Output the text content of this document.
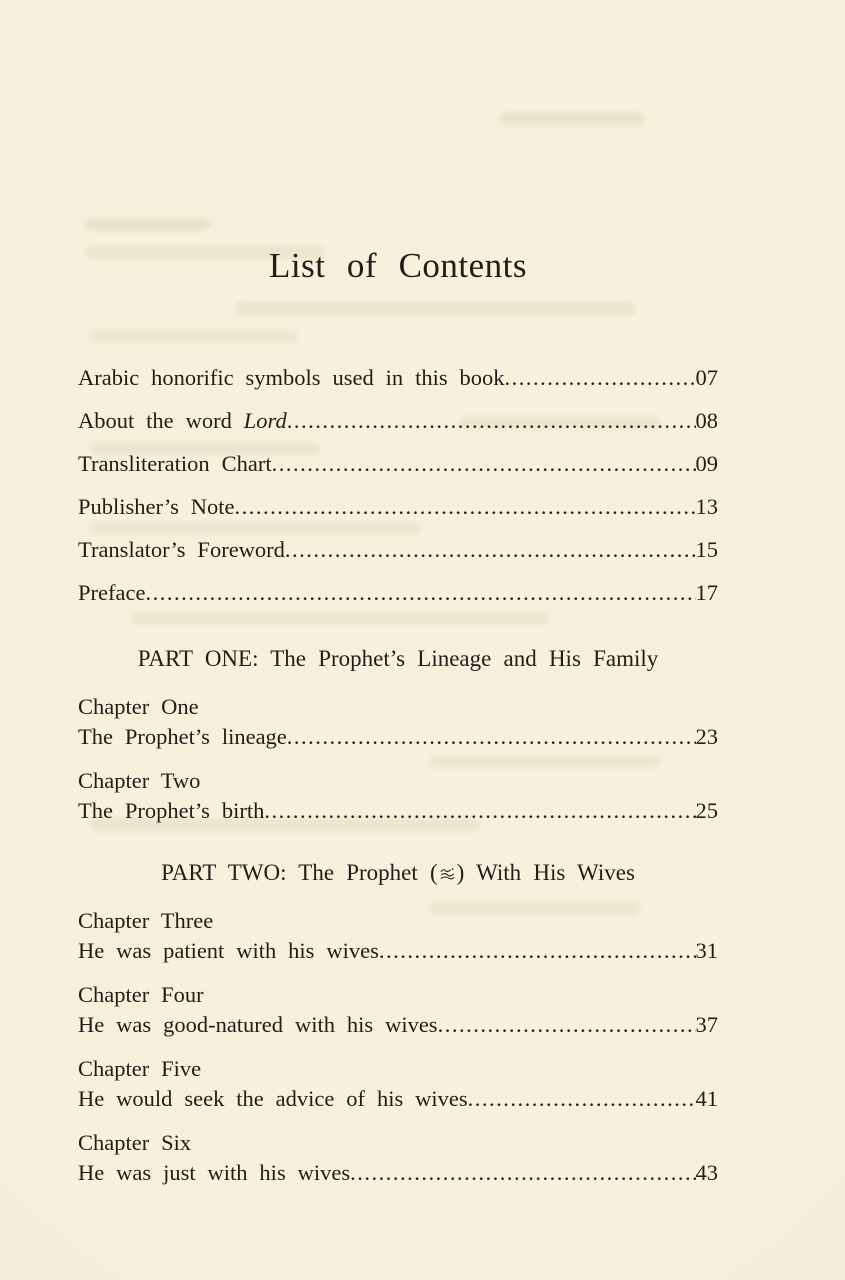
List of Contents
Arabic honorific symbols used in this book .....	07
About the word Lord .....	08
Transliteration Chart .....	09
Publisher’s Note .....	13
Translator’s Foreword .....	15
Preface .....	17
PART ONE: The Prophet’s Lineage and His Family
Chapter One
The Prophet’s lineage .....	23
Chapter Two
The Prophet’s birth .....	25
PART TWO: The Prophet ( ) With His Wives
Chapter Three
He was patient with his wives .....	31
Chapter Four
He was good-natured with his wives .....	37
Chapter Five
He would seek the advice of his wives .....	41
Chapter Six
He was just with his wives .....	43
